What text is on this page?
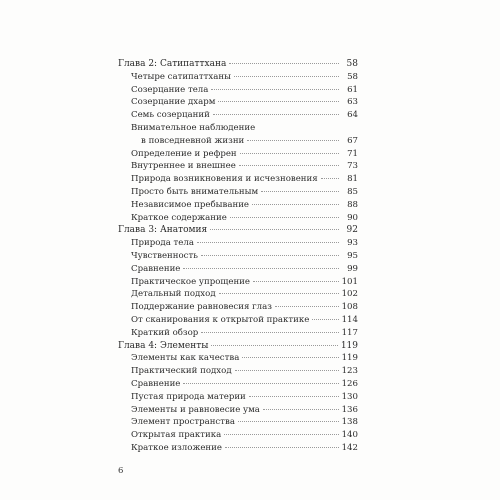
Глава 2: Сатипаттхана	58
Четыре сатипаттханы	58
Созерцание тела	61
Созерцание дхарм	63
Семь созерцаний	64
Внимательное наблюдение
в повседневной жизни	67
Определение и рефрен	71
Внутреннее и внешнее	73
Природа возникновения и исчезновения	81
Просто быть внимательным	85
Независимое пребывание	88
Краткое содержание	90
Глава 3: Анатомия	92
Природа тела	93
Чувственность	95
Сравнение	99
Практическое упрощение	101
Детальный подход	102
Поддержание равновесия глаз	108
От сканирования к открытой практике	114
Краткий обзор	117
Глава 4: Элементы	119
Элементы как качества	119
Практический подход	123
Сравнение	126
Пустая природа материи	130
Элементы и равновесие ума	136
Элемент пространства	138
Открытая практика	140
Краткое изложение	142
6
